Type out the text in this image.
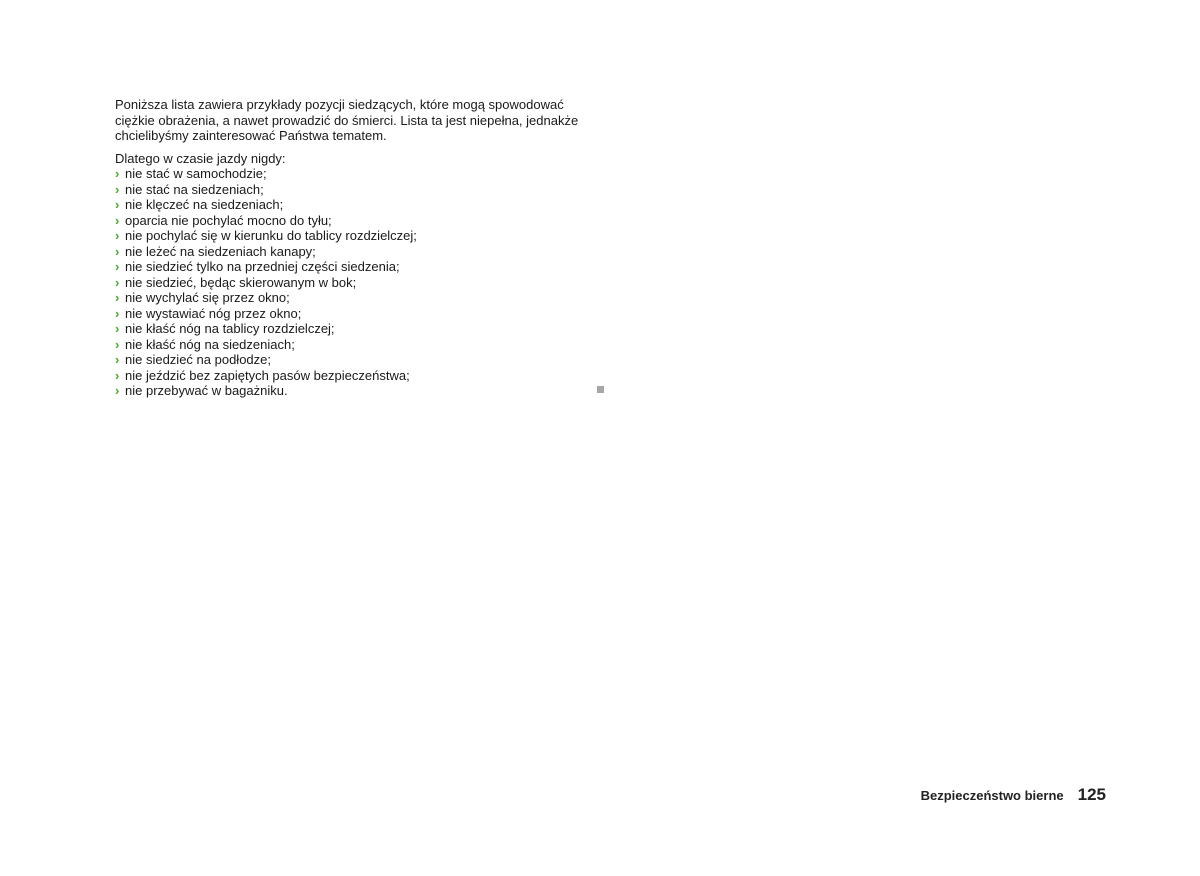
Poniższa lista zawiera przykłady pozycji siedzących, które mogą spowodować ciężkie obrażenia, a nawet prowadzić do śmierci. Lista ta jest niepełna, jednakże chcielibyśmy zainteresować Państwa tematem.

Dlatego w czasie jazdy nigdy:

› nie stać w samochodzie;
› nie stać na siedzeniach;
› nie klęczeć na siedzeniach;
› oparcia nie pochylać mocno do tyłu;
› nie pochylać się w kierunku do tablicy rozdzielczej;
› nie leżeć na siedzeniach kanapy;
› nie siedzieć tylko na przedniej części siedzenia;
› nie siedzieć, będąc skierowanym w bok;
› nie wychylać się przez okno;
› nie wystawiać nóg przez okno;
› nie kłaść nóg na tablicy rozdzielczej;
› nie kłaść nóg na siedzeniach;
› nie siedzieć na podłodze;
› nie jeździć bez zapiętych pasów bezpieczeństwa;
› nie przebywać w bagażniku.
Bezpieczeństwo bierne 125
